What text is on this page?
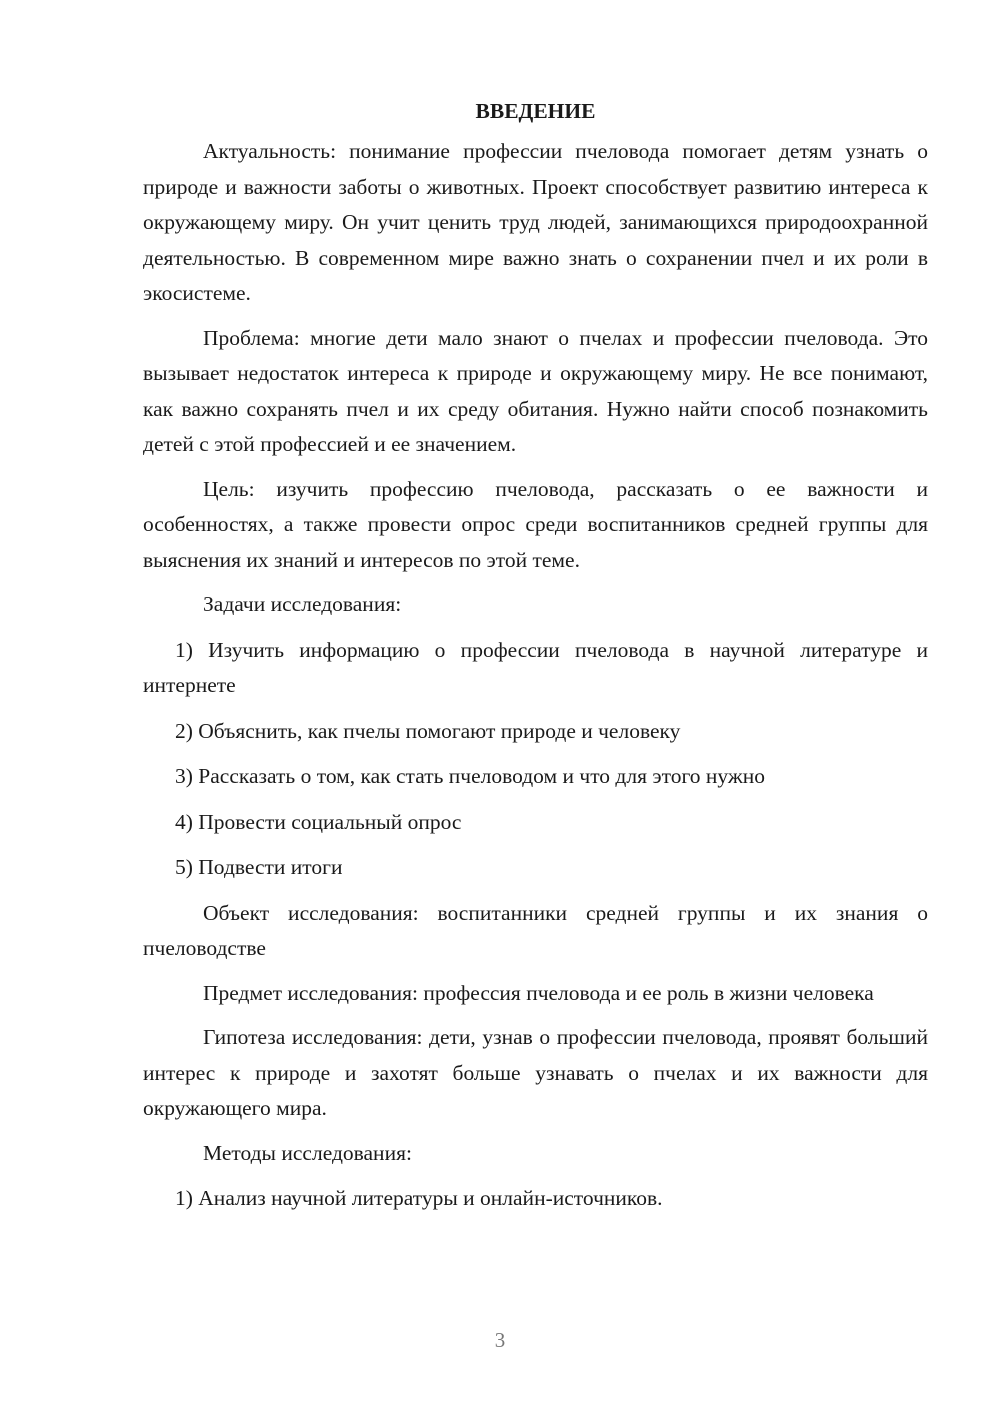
ВВЕДЕНИЕ

Актуальность: понимание профессии пчеловода помогает детям узнать о природе и важности заботы о животных. Проект способствует развитию интереса к окружающему миру. Он учит ценить труд людей, занимающихся природоохранной деятельностью. В современном мире важно знать о сохранении пчел и их роли в экосистеме.

Проблема: многие дети мало знают о пчелах и профессии пчеловода. Это вызывает недостаток интереса к природе и окружающему миру. Не все понимают, как важно сохранять пчел и их среду обитания. Нужно найти способ познакомить детей с этой профессией и ее значением.

Цель: изучить профессию пчеловода, рассказать о ее важности и особенностях, а также провести опрос среди воспитанников средней группы для выяснения их знаний и интересов по этой теме.

Задачи исследования:

1) Изучить информацию о профессии пчеловода в научной литературе и интернете

2) Объяснить, как пчелы помогают природе и человеку

3) Рассказать о том, как стать пчеловодом и что для этого нужно

4) Провести социальный опрос

5) Подвести итоги

Объект исследования: воспитанники средней группы и их знания о пчеловодстве

Предмет исследования: профессия пчеловода и ее роль в жизни человека

Гипотеза исследования: дети, узнав о профессии пчеловода, проявят больший интерес к природе и захотят больше узнавать о пчелах и их важности для окружающего мира.

Методы исследования:

1) Анализ научной литературы и онлайн-источников.

3
